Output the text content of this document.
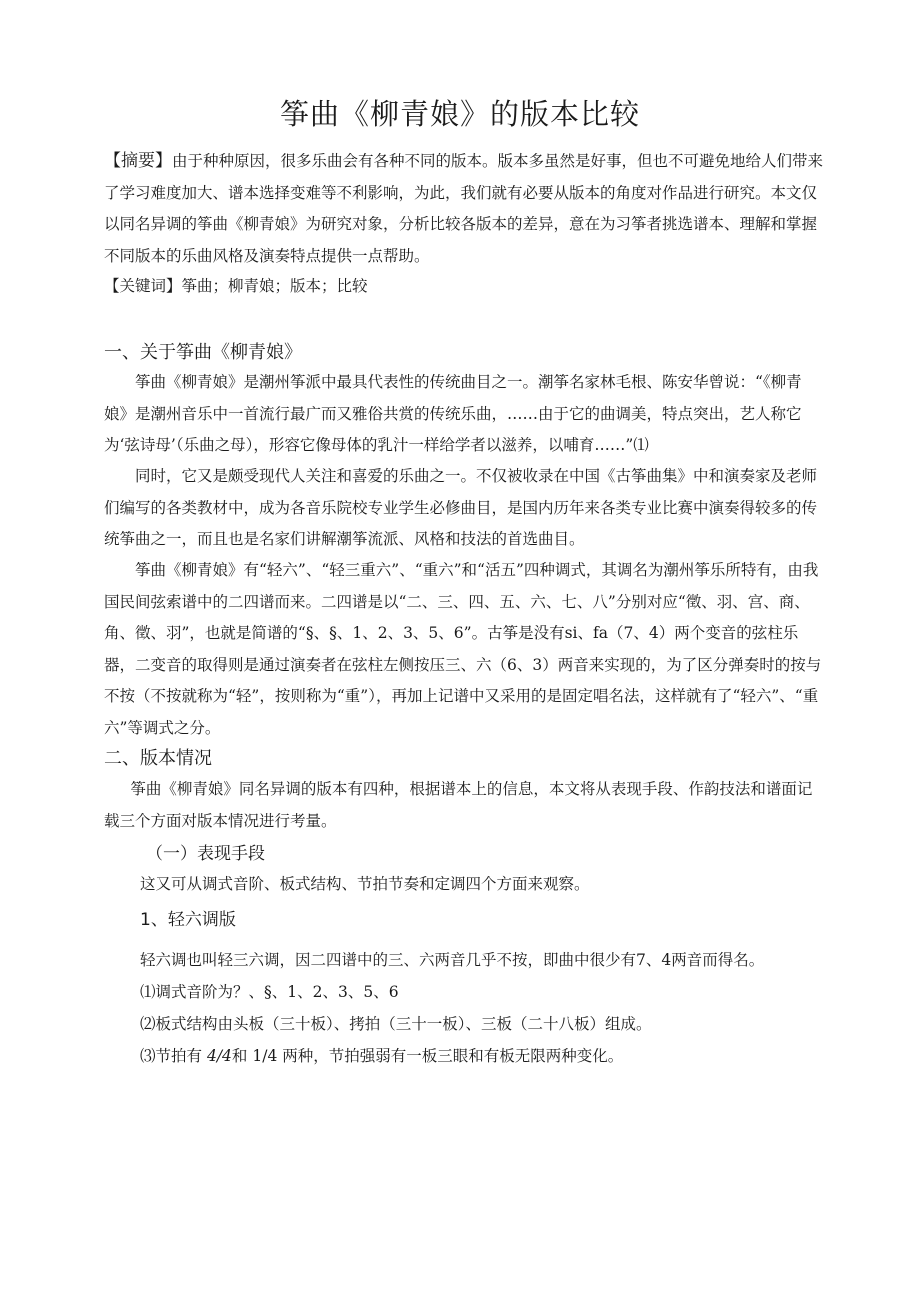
筝曲《柳青娘》的版本比较
【摘要】由于种种原因，很多乐曲会有各种不同的版本。版本多虽然是好事，但也不可避免地给人们带来了学习难度加大、谱本选择变难等不利影响，为此，我们就有必要从版本的角度对作品进行研究。本文仅以同名异调的筝曲《柳青娘》为研究对象，分析比较各版本的差异，意在为习筝者挑选谱本、理解和掌握不同版本的乐曲风格及演奏特点提供一点帮助。
【关键词】筝曲；柳青娘；版本；比较
一、关于筝曲《柳青娘》
筝曲《柳青娘》是潮州筝派中最具代表性的传统曲目之一。潮筝名家林毛根、陈安华曾说：“《柳青娘》是潮州音乐中一首流行最广而又雅俗共赏的传统乐曲，……由于它的曲调美，特点突出，艺人称它为‘弦诗母’（乐曲之母），形容它像母体的乳汁一样给学者以滋养，以哺育……”⑴
同时，它又是颇受现代人关注和喜爱的乐曲之一。不仅被收录在中国《古筝曲集》中和演奏家及老师们编写的各类教材中，成为各音乐院校专业学生必修曲目，是国内历年来各类专业比赛中演奏得较多的传统筝曲之一，而且也是名家们讲解潮筝流派、风格和技法的首选曲目。
筝曲《柳青娘》有“轻六”、“轻三重六”、“重六”和“活五”四种调式，其调名为潮州筝乐所特有，由我国民间弦索谱中的二四谱而来。二四谱是以“二、三、四、五、六、七、八”分别对应“徵、羽、宫、商、角、徵、羽”，也就是简谱的“§、§、1、2、3、5、6”。古筝是没有si、fa（7、4）两个变音的弦柱乐器，二变音的取得则是通过演奏者在弦柱左侧按压三、六（6、3）两音来实现的，为了区分弹奏时的按与不按（不按就称为“轻”，按则称为“重”），再加上记谱中又采用的是固定唱名法，这样就有了“轻六”、“重六”等调式之分。
二、版本情况
筝曲《柳青娘》同名异调的版本有四种，根据谱本上的信息，本文将从表现手段、作韵技法和谱面记载三个方面对版本情况进行考量。
（一）表现手段
这又可从调式音阶、板式结构、节拍节奏和定调四个方面来观察。
1、轻六调版
轻六调也叫轻三六调，因二四谱中的三、六两音几乎不按，即曲中很少有7、4两音而得名。
⑴调式音阶为？、§、1、2、3、5、6
⑵板式结构由头板（三十板）、拷拍（三十一板）、三板（二十八板）组成。
⑶节拍有 4/4和 1/4 两种，节拍强弱有一板三眼和有板无限两种变化。
